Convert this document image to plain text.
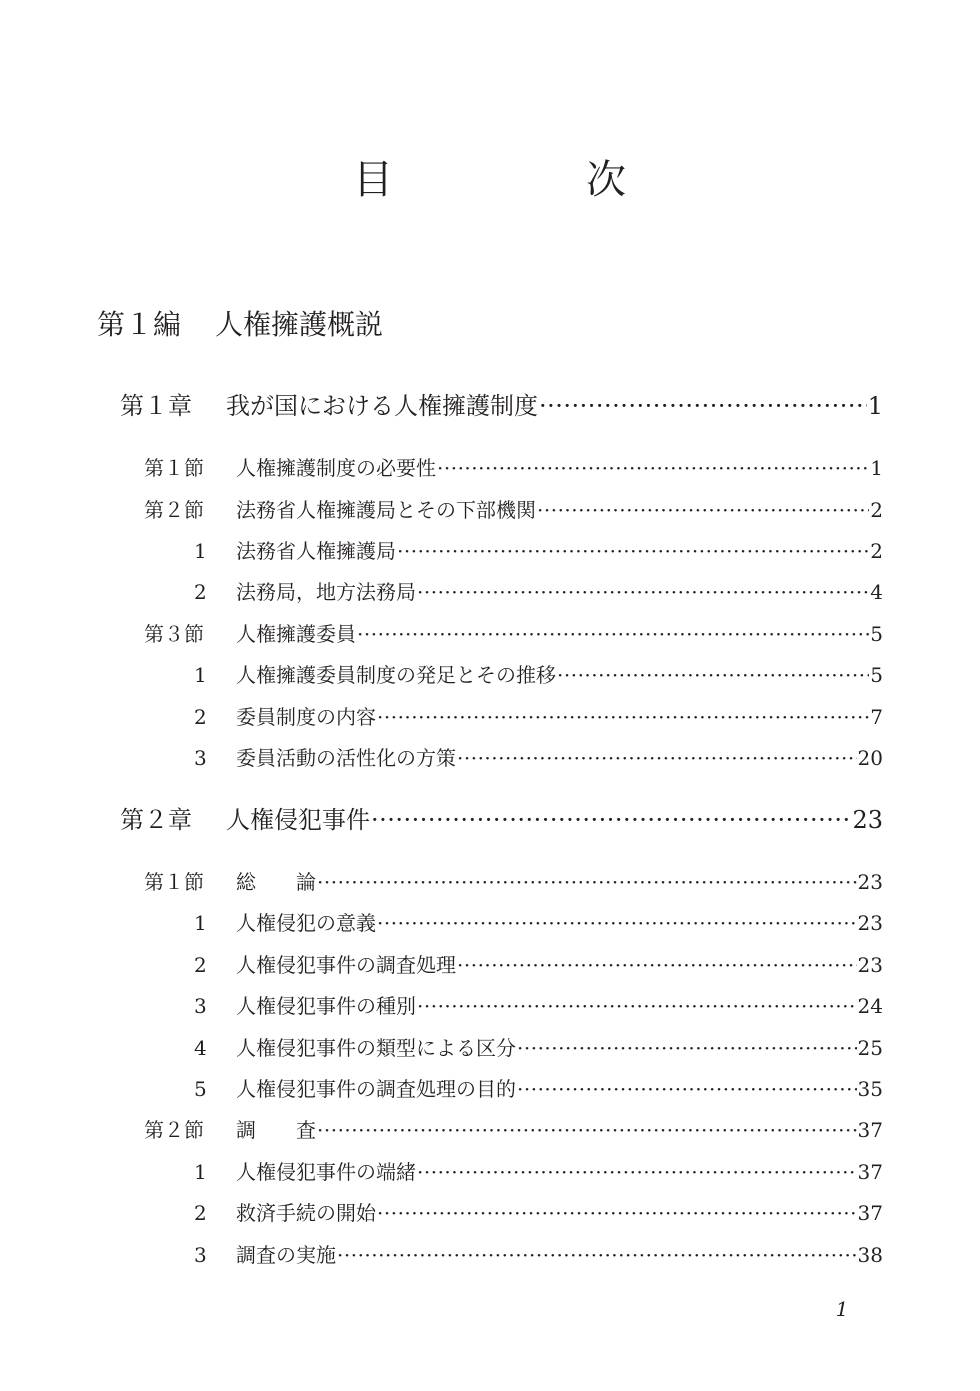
目	次
第１編 人権擁護概説
第１章	我が国における人権擁護制度 ·····	1
第１節	人権擁護制度の必要性 ·····	1
第２節	法務省人権擁護局とその下部機関 ·····	2
1	法務省人権擁護局 ·····	2
2	法務局，地方法務局 ·····	4
第３節	人権擁護委員 ·····	5
1	人権擁護委員制度の発足とその推移 ·····	5
2	委員制度の内容 ·····	7
3	委員活動の活性化の方策 ·····	20
第２章	人権侵犯事件 ·····	23
第１節	総　　論 ·····	23
1	人権侵犯の意義 ·····	23
2	人権侵犯事件の調査処理 ·····	23
3	人権侵犯事件の種別 ·····	24
4	人権侵犯事件の類型による区分 ·····	25
5	人権侵犯事件の調査処理の目的 ·····	35
第２節	調　　査 ·····	37
1	人権侵犯事件の端緒 ·····	37
2	救済手続の開始 ·····	37
3	調査の実施 ·····	38
1
